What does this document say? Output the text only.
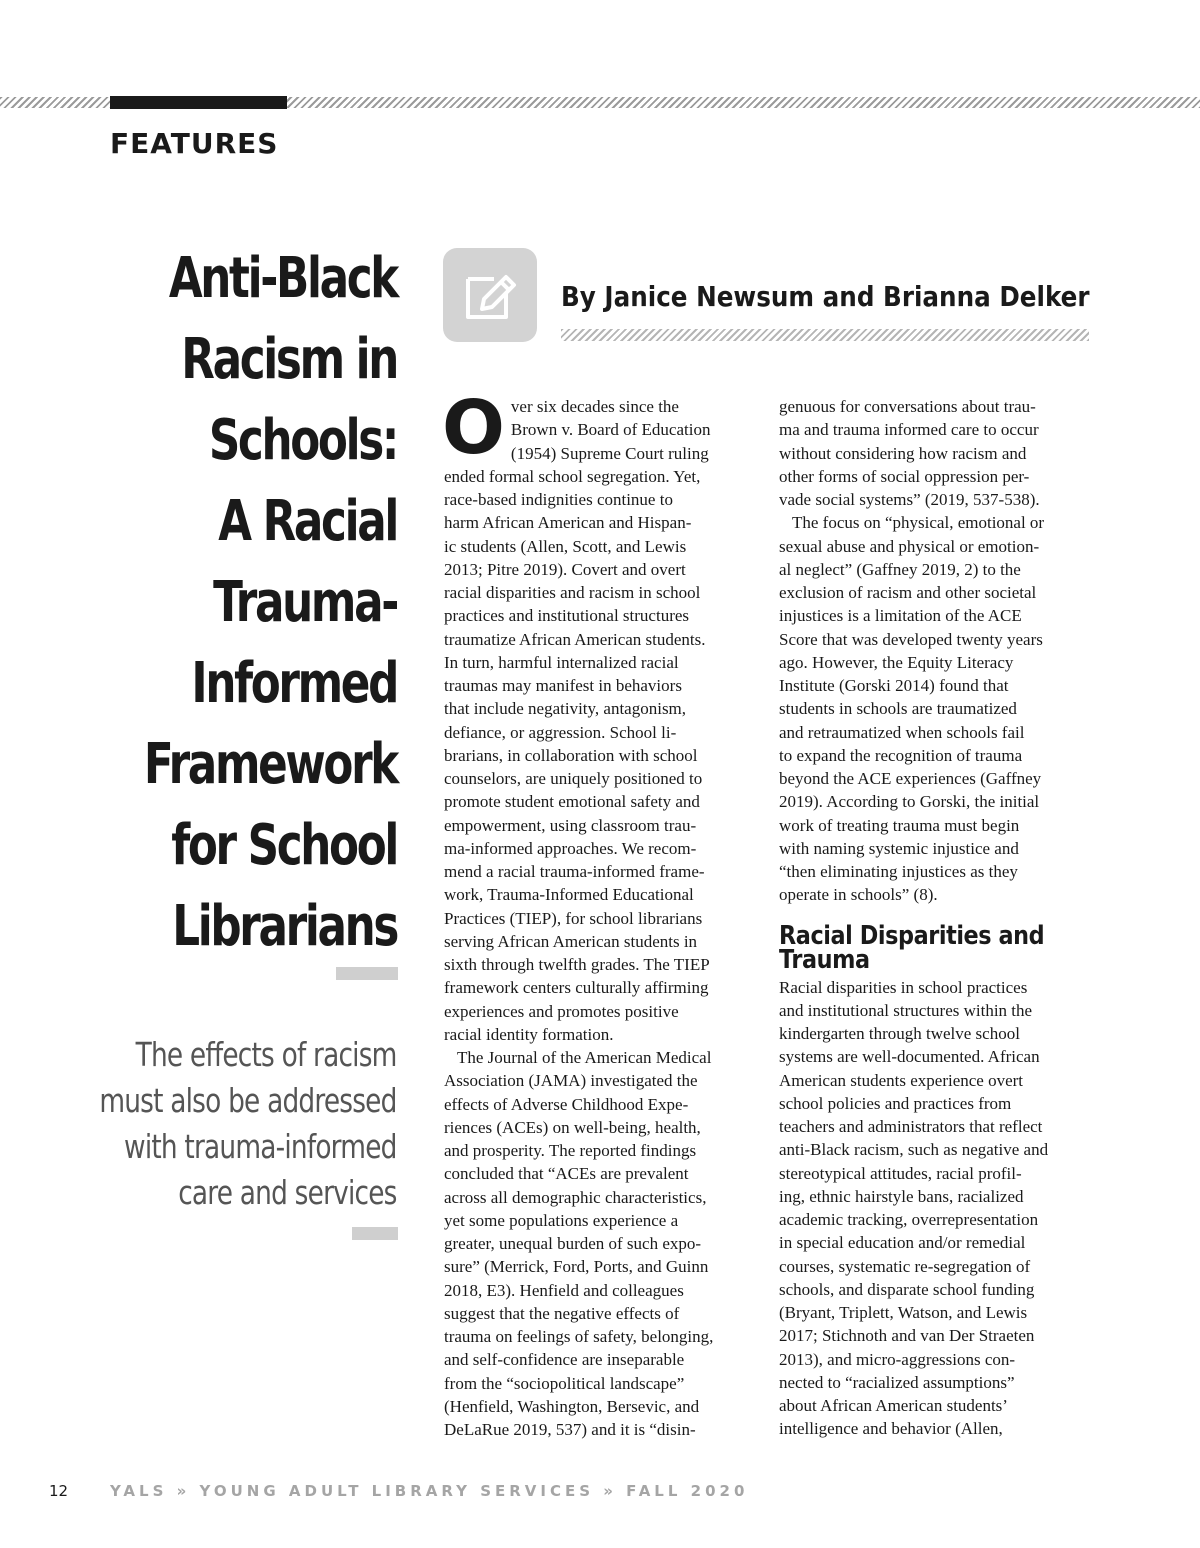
FEATURES
Anti-Black
Racism in
Schools:
A Racial
Trauma-
Informed
Framework
for School
Librarians

The effects of racism
must also be addressed
with trauma-informed
care and services

By Janice Newsum and Brianna Delker

O ver six decades since the
Brown v. Board of Education
(1954) Supreme Court ruling
ended formal school segregation. Yet,
race-based indignities continue to
harm African American and Hispan-
ic students (Allen, Scott, and Lewis
2013; Pitre 2019). Covert and overt
racial disparities and racism in school
practices and institutional structures
traumatize African American students.
In turn, harmful internalized racial
traumas may manifest in behaviors
that include negativity, antagonism,
defiance, or aggression. School li-
brarians, in collaboration with school
counselors, are uniquely positioned to
promote student emotional safety and
empowerment, using classroom trau-
ma-informed approaches. We recom-
mend a racial trauma-informed frame-
work, Trauma-Informed Educational
Practices (TIEP), for school librarians
serving African American students in
sixth through twelfth grades. The TIEP
framework centers culturally affirming
experiences and promotes positive
racial identity formation.

The Journal of the American Medical
Association (JAMA) investigated the
effects of Adverse Childhood Expe-
riences (ACEs) on well-being, health,
and prosperity. The reported findings
concluded that “ACEs are prevalent
across all demographic characteristics,
yet some populations experience a
greater, unequal burden of such expo-
sure” (Merrick, Ford, Ports, and Guinn
2018, E3). Henfield and colleagues
suggest that the negative effects of
trauma on feelings of safety, belonging,
and self-confidence are inseparable
from the “sociopolitical landscape”
(Henfield, Washington, Bersevic, and
DeLaRue 2019, 537) and it is “disin-

genuous for conversations about trau-
ma and trauma informed care to occur
without considering how racism and
other forms of social oppression per-
vade social systems” (2019, 537-538).

The focus on “physical, emotional or
sexual abuse and physical or emotion-
al neglect” (Gaffney 2019, 2) to the
exclusion of racism and other societal
injustices is a limitation of the ACE
Score that was developed twenty years
ago. However, the Equity Literacy
Institute (Gorski 2014) found that
students in schools are traumatized
and retraumatized when schools fail
to expand the recognition of trauma
beyond the ACE experiences (Gaffney
2019). According to Gorski, the initial
work of treating trauma must begin
with naming systemic injustice and
“then eliminating injustices as they
operate in schools” (8).

Racial Disparities and
Trauma

Racial disparities in school practices
and institutional structures within the
kindergarten through twelve school
systems are well-documented. African
American students experience overt
school policies and practices from
teachers and administrators that reflect
anti-Black racism, such as negative and
stereotypical attitudes, racial profil-
ing, ethnic hairstyle bans, racialized
academic tracking, overrepresentation
in special education and/or remedial
courses, systematic re-segregation of
schools, and disparate school funding
(Bryant, Triplett, Watson, and Lewis
2017; Stichnoth and van Der Straeten
2013), and micro-aggressions con-
nected to “racialized assumptions”
about African American students’
intelligence and behavior (Allen,

12	YALS » YOUNG ADULT LIBRARY SERVICES » FALL 2020
